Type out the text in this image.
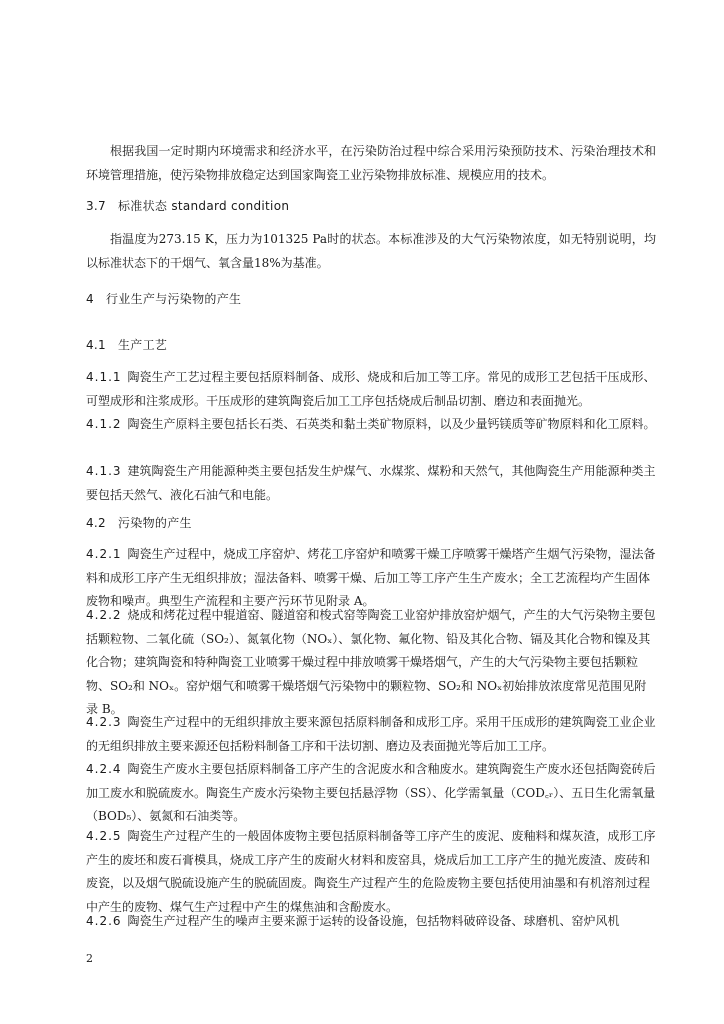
根据我国一定时期内环境需求和经济水平，在污染防治过程中综合采用污染预防技术、污染治理技术和环境管理措施，使污染物排放稳定达到国家陶瓷工业污染物排放标准、规模应用的技术。
3.7 标准状态 standard condition
指温度为273.15 K，压力为101325 Pa时的状态。本标准涉及的大气污染物浓度，如无特别说明，均以标准状态下的干烟气、氧含量18%为基准。
4 行业生产与污染物的产生
4.1 生产工艺
4.1.1 陶瓷生产工艺过程主要包括原料制备、成形、烧成和后加工等工序。常见的成形工艺包括干压成形、可塑成形和注浆成形。干压成形的建筑陶瓷后加工工序包括烧成后制品切割、磨边和表面抛光。
4.1.2 陶瓷生产原料主要包括长石类、石英类和黏土类矿物原料，以及少量钙镁质等矿物原料和化工原料。
4.1.3 建筑陶瓷生产用能源种类主要包括发生炉煤气、水煤浆、煤粉和天然气，其他陶瓷生产用能源种类主要包括天然气、液化石油气和电能。
4.2 污染物的产生
4.2.1 陶瓷生产过程中，烧成工序窑炉、烤花工序窑炉和喷雾干燥工序喷雾干燥塔产生烟气污染物，湿法备料和成形工序产生无组织排放；湿法备料、喷雾干燥、后加工等工序产生生产废水；全工艺流程均产生固体废物和噪声。典型生产流程和主要产污环节见附录 A。
4.2.2 烧成和烤花过程中辊道窑、隧道窑和梭式窑等陶瓷工业窑炉排放窑炉烟气，产生的大气污染物主要包括颗粒物、二氧化硫（SO₂）、氮氧化物（NOₓ）、氯化物、氟化物、铅及其化合物、镉及其化合物和镍及其化合物；建筑陶瓷和特种陶瓷工业喷雾干燥过程中排放喷雾干燥塔烟气，产生的大气污染物主要包括颗粒物、SO₂和 NOₓ。窑炉烟气和喷雾干燥塔烟气污染物中的颗粒物、SO₂和 NOₓ初始排放浓度常见范围见附录 B。
4.2.3 陶瓷生产过程中的无组织排放主要来源包括原料制备和成形工序。采用干压成形的建筑陶瓷工业企业的无组织排放主要来源还包括粉料制备工序和干法切割、磨边及表面抛光等后加工工序。
4.2.4 陶瓷生产废水主要包括原料制备工序产生的含泥废水和含釉废水。建筑陶瓷生产废水还包括陶瓷砖后加工废水和脱硫废水。陶瓷生产废水污染物主要包括悬浮物（SS）、化学需氧量（COD꜀ᵣ）、五日生化需氧量（BOD₅）、氨氮和石油类等。
4.2.5 陶瓷生产过程产生的一般固体废物主要包括原料制备等工序产生的废泥、废釉料和煤灰渣，成形工序产生的废坯和废石膏模具，烧成工序产生的废耐火材料和废窑具，烧成后加工工序产生的抛光废渣、废砖和废瓷，以及烟气脱硫设施产生的脱硫固废。陶瓷生产过程产生的危险废物主要包括使用油墨和有机溶剂过程中产生的废物、煤气生产过程中产生的煤焦油和含酚废水。
4.2.6 陶瓷生产过程产生的噪声主要来源于运转的设备设施，包括物料破碎设备、球磨机、窑炉风机
2
